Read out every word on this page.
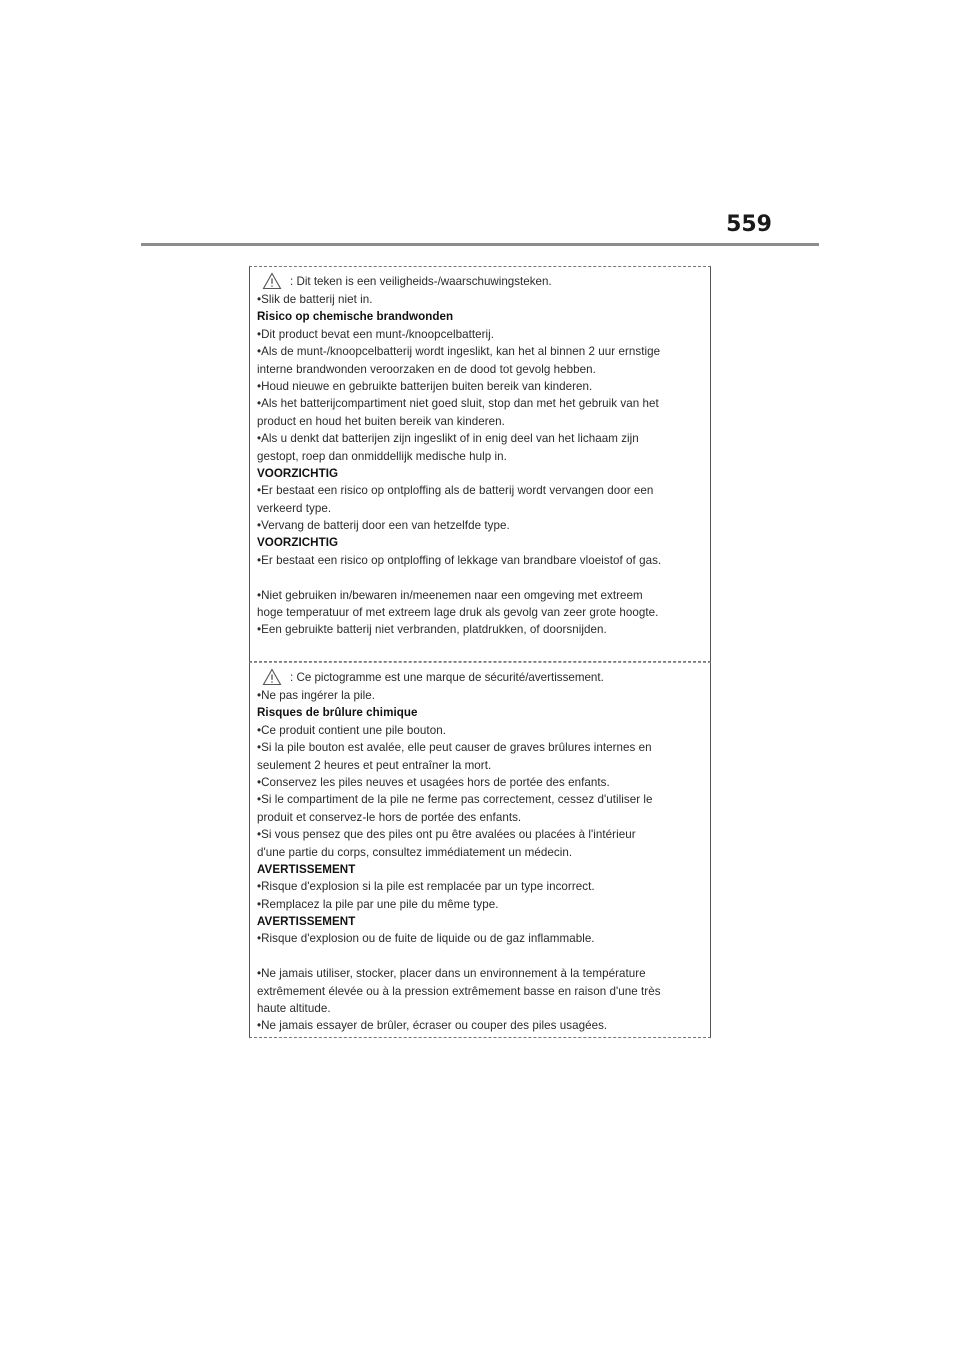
559
: Dit teken is een veiligheids-/waarschuwingsteken.
•Slik de batterij niet in.
Risico op chemische brandwonden
•Dit product bevat een munt-/knoopcelbatterij.
•Als de munt-/knoopcelbatterij wordt ingeslikt, kan het al binnen 2 uur ernstige
interne brandwonden veroorzaken en de dood tot gevolg hebben.
•Houd nieuwe en gebruikte batterijen buiten bereik van kinderen.
•Als het batterijcompartiment niet goed sluit, stop dan met het gebruik van het
product en houd het buiten bereik van kinderen.
•Als u denkt dat batterijen zijn ingeslikt of in enig deel van het lichaam zijn
gestopt, roep dan onmiddellijk medische hulp in.
VOORZICHTIG
•Er bestaat een risico op ontploffing als de batterij wordt vervangen door een
verkeerd type.
•Vervang de batterij door een van hetzelfde type.
VOORZICHTIG
•Er bestaat een risico op ontploffing of lekkage van brandbare vloeistof of gas.
•Niet gebruiken in/bewaren in/meenemen naar een omgeving met extreem
hoge temperatuur of met extreem lage druk als gevolg van zeer grote hoogte.
•Een gebruikte batterij niet verbranden, platdrukken, of doorsnijden.
: Ce pictogramme est une marque de sécurité/avertissement.
•Ne pas ingérer la pile.
Risques de brûlure chimique
•Ce produit contient une pile bouton.
•Si la pile bouton est avalée, elle peut causer de graves brûlures internes en
seulement 2 heures et peut entraîner la mort.
•Conservez les piles neuves et usagées hors de portée des enfants.
•Si le compartiment de la pile ne ferme pas correctement, cessez d'utiliser le
produit et conservez-le hors de portée des enfants.
•Si vous pensez que des piles ont pu être avalées ou placées à l'intérieur
d'une partie du corps, consultez immédiatement un médecin.
AVERTISSEMENT
•Risque d'explosion si la pile est remplacée par un type incorrect.
•Remplacez la pile par une pile du même type.
AVERTISSEMENT
•Risque d'explosion ou de fuite de liquide ou de gaz inflammable.
•Ne jamais utiliser, stocker, placer dans un environnement à la température
extrêmement élevée ou à la pression extrêmement basse en raison d'une très
haute altitude.
•Ne jamais essayer de brûler, écraser ou couper des piles usagées.
